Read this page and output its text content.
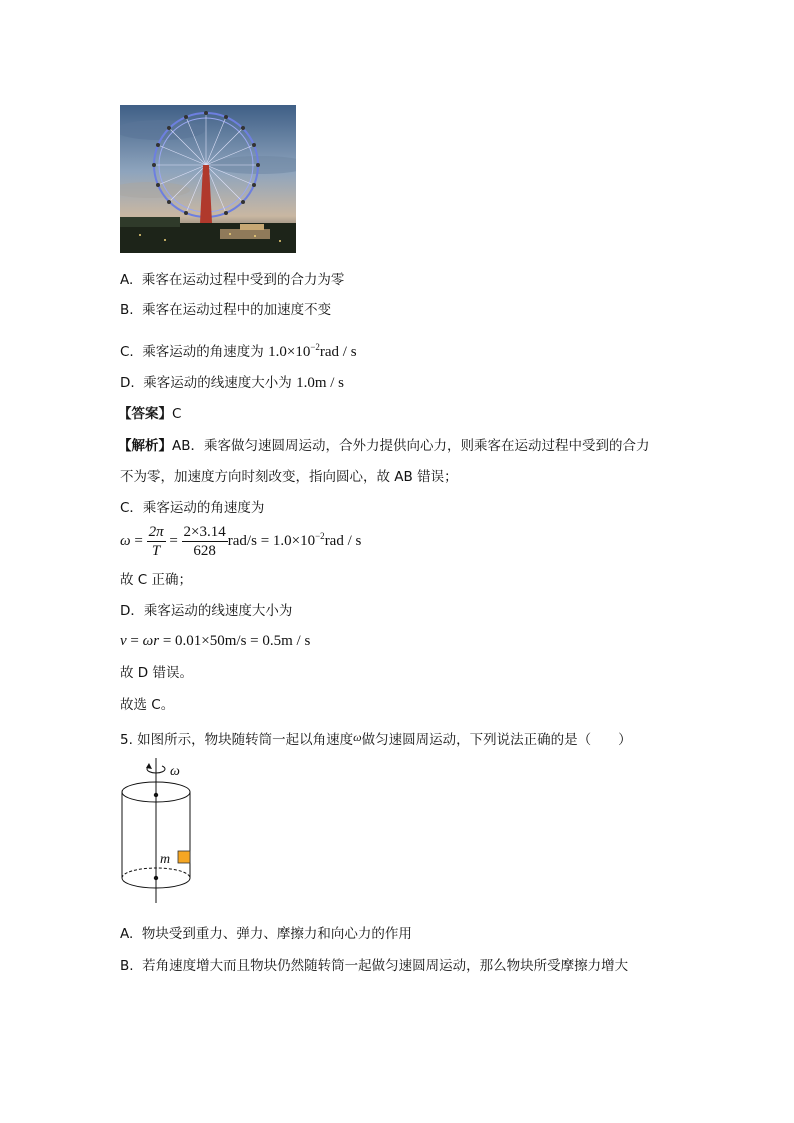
A. 乘客在运动过程中受到的合力为零
B. 乘客在运动过程中的加速度不变
C. 乘客运动的角速度为 $1.0\times 10^{-2}rad / s$
D. 乘客运动的线速度大小为 1.0m / s
【答案】C
【解析】AB．乘客做匀速圆周运动，合外力提供向心力，则乘客在运动过程中受到的合力
不为零，加速度方向时刻改变，指向圆心，故 AB 错误；
C．乘客运动的角速度为
$\omega = \frac{2\pi}{T} = \frac{2\times 3.14}{628} rad/s = 1.0\times 10^{-2}rad / s$
故 C 正确；
D．乘客运动的线速度大小为
v = ωr = 0.01×50m/s = 0.5m / s
故 D 错误。
故选 C。
5. 如图所示，物块随转筒一起以角速度ω做匀速圆周运动，下列说法正确的是（　　）
ω
m
A. 物块受到重力、弹力、摩擦力和向心力的作用
B. 若角速度增大而且物块仍然随转筒一起做匀速圆周运动，那么物块所受摩擦力增大
